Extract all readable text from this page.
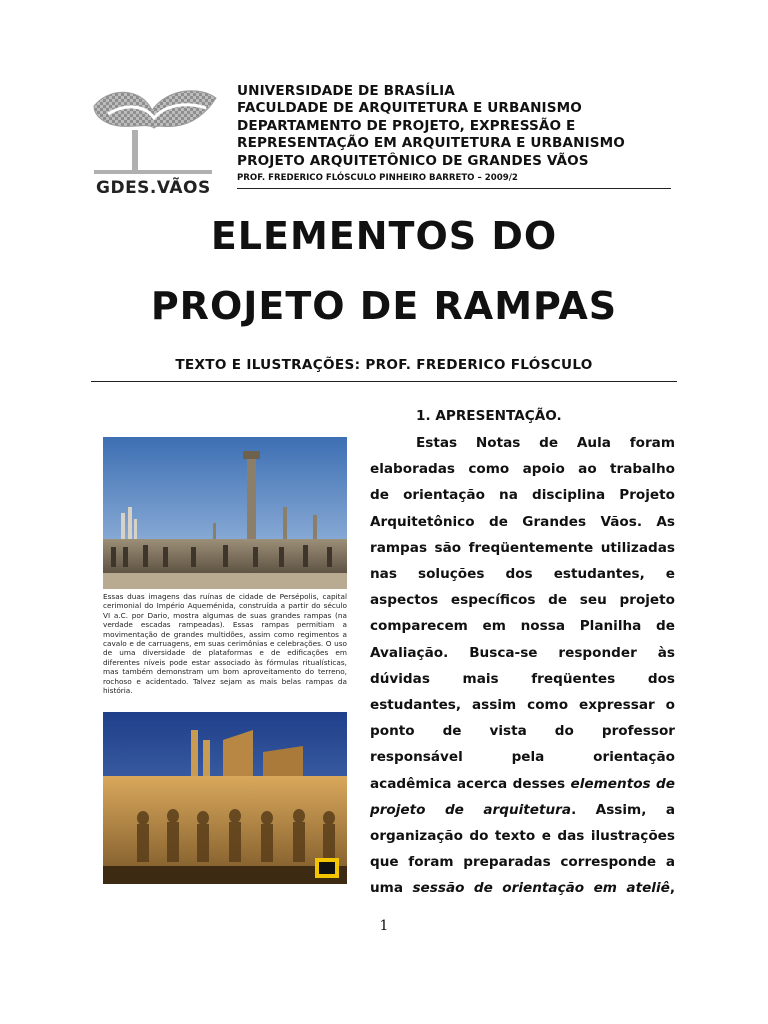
GDES.VÃOS
UNIVERSIDADE DE BRASÍLIA
FACULDADE DE ARQUITETURA E URBANISMO
DEPARTAMENTO DE PROJETO, EXPRESSÃO E
REPRESENTAÇÃO EM ARQUITETURA E URBANISMO
PROJETO ARQUITETÔNICO DE GRANDES VÃOS
PROF. FREDERICO FLÓSCULO PINHEIRO BARRETO – 2009/2
ELEMENTOS DO
PROJETO DE RAMPAS
TEXTO E ILUSTRAÇÕES: PROF. FREDERICO FLÓSCULO
Essas duas imagens das ruínas de cidade de Persépolis, capital cerimonial do Império Aqueménida, construída a partir do século VI a.C. por Dario, mostra algumas de suas grandes rampas (na verdade escadas rampeadas). Essas rampas permitiam a movimentação de grandes multidões, assim como regimentos a cavalo e de carruagens, em suas cerimônias e celebrações. O uso de uma diversidade de plataformas e de edificações em diferentes níveis pode estar associado às fórmulas ritualísticas, mas também demonstram um bom aproveitamento do terreno, rochoso e acidentado. Talvez sejam as mais belas rampas da história.
1. APRESENTAÇÃO.
Estas Notas de Aula foram
elaboradas como apoio ao trabalho
de orientação na disciplina Projeto
Arquitetônico de Grandes Vãos. As
rampas são freqüentemente utilizadas
nas soluções dos estudantes, e
aspectos específicos de seu projeto
comparecem em nossa Planilha de
Avaliação. Busca-se responder às
dúvidas mais freqüentes dos
estudantes, assim como expressar o
ponto de vista do professor
responsável pela orientação
acadêmica acerca desses elementos de
projeto de arquitetura. Assim, a
organização do texto e das ilustrações
que foram preparadas corresponde a
uma sessão de orientação em ateliê,
1
